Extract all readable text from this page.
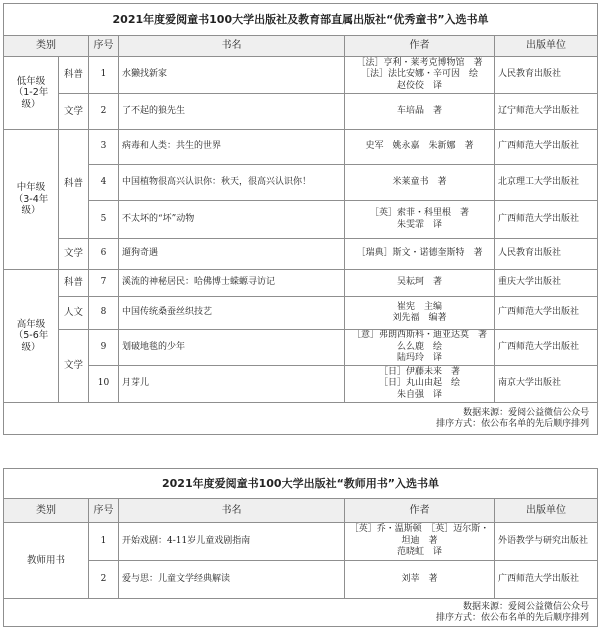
2021年度爱阅童书100大学出版社及教育部直属出版社“优秀童书”入选书单					
类别		序号	书名	作者	出版单位
低年级
（1-2年级）	科普	1	水獭找新家	［法］亨利・莱考克博物馆　著
［法］法比安娜・辛可因　绘
赵佼佼　译	人民教育出版社
	文学	2	了不起的狼先生	车培晶　著	辽宁师范大学出版社
中年级
（3-4年级）	科普	3	病毒和人类：共生的世界	史军　姚永嘉　朱新娜　著	广西师范大学出版社
		4	中国植物很高兴认识你：秋天，很高兴认识你！	米莱童书　著	北京理工大学出版社
		5	不太坏的“坏”动物	［英］索菲・科里根　著
朱雯霏　译	广西师范大学出版社
	文学	6	遛狗奇遇	［瑞典］斯文・诺德奎斯特　著	人民教育出版社
高年级
（5-6年级）	科普	7	溪流的神秘居民：哈佛博士蝾螈寻访记	吴耘珂　著	重庆大学出版社
	人文	8	中国传统桑蚕丝织技艺	崔宪　主编
刘先福　编著	广西师范大学出版社
	文学	9	划破地毯的少年	［意］弗朗西斯科・迪亚达莫　著
么么鹿　绘
陆玛玲　译	广西师范大学出版社
		10	月芽儿	［日］伊藤未来　著
［日］丸山由起　绘
朱自强　译	南京大学出版社

数据来源：爱阅公益微信公众号
排序方式：依公布名单的先后顺序排列					
2021年度爱阅童书100大学出版社“教师用书”入选书单				
类别	序号	书名	作者	出版单位
教师用书	1	开始戏剧：4-11岁儿童戏剧指南	［英］乔・温斯顿　［英］迈尔斯・坦迪　著
范晓虹　译	外语教学与研究出版社
	2	爱与思：儿童文学经典解读	刘莘　著	广西师范大学出版社

数据来源：爱阅公益微信公众号
排序方式：依公布名单的先后顺序排列				
